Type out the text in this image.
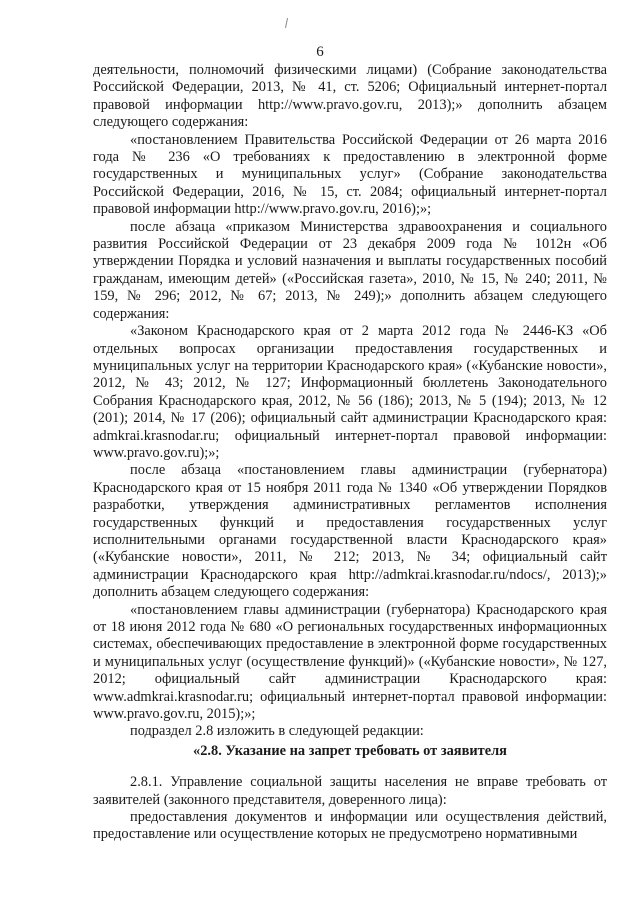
6

деятельности, полномочий физическими лицами) (Собрание законодательства Российской Федерации, 2013, № 41, ст. 5206; Официальный интернет-портал правовой информации http://www.pravo.gov.ru, 2013);» дополнить абзацем следующего содержания:

«постановлением Правительства Российской Федерации от 26 марта 2016 года № 236 «О требованиях к предоставлению в электронной форме государственных и муниципальных услуг» (Собрание законодательства Российской Федерации, 2016, № 15, ст. 2084; официальный интернет-портал правовой информации http://www.pravo.gov.ru, 2016);»;

после абзаца «приказом Министерства здравоохранения и социального развития Российской Федерации от 23 декабря 2009 года № 1012н «Об утверждении Порядка и условий назначения и выплаты государственных пособий гражданам, имеющим детей» («Российская газета», 2010, № 15, № 240; 2011, № 159, № 296; 2012, № 67; 2013, № 249);» дополнить абзацем следующего содержания:

«Законом Краснодарского края от 2 марта 2012 года № 2446-КЗ «Об отдельных вопросах организации предоставления государственных и муниципальных услуг на территории Краснодарского края» («Кубанские новости», 2012, № 43; 2012, № 127; Информационный бюллетень Законодательного Собрания Краснодарского края, 2012, № 56 (186); 2013, № 5 (194); 2013, № 12 (201); 2014, № 17 (206); официальный сайт администрации Краснодарского края: admkrai.krasnodar.ru; официальный интернет-портал правовой информации: www.pravo.gov.ru);»;

после абзаца «постановлением главы администрации (губернатора) Краснодарского края от 15 ноября 2011 года № 1340 «Об утверждении Порядков разработки, утверждения административных регламентов исполнения государственных функций и предоставления государственных услуг исполнительными органами государственной власти Краснодарского края» («Кубанские новости», 2011, № 212; 2013, № 34; официальный сайт администрации Краснодарского края http://admkrai.krasnodar.ru/ndocs/, 2013);» дополнить абзацем следующего содержания:

«постановлением главы администрации (губернатора) Краснодарского края от 18 июня 2012 года № 680 «О региональных государственных информационных системах, обеспечивающих предоставление в электронной форме государственных и муниципальных услуг (осуществление функций)» («Кубанские новости», № 127, 2012; официальный сайт администрации Краснодарского края: www.admkrai.krasnodar.ru; официальный интернет-портал правовой информации: www.pravo.gov.ru, 2015);»;

подраздел 2.8 изложить в следующей редакции:

«2.8. Указание на запрет требовать от заявителя

2.8.1. Управление социальной защиты населения не вправе требовать от заявителей (законного представителя, доверенного лица):

предоставления документов и информации или осуществления действий, предоставление или осуществление которых не предусмотрено нормативными
